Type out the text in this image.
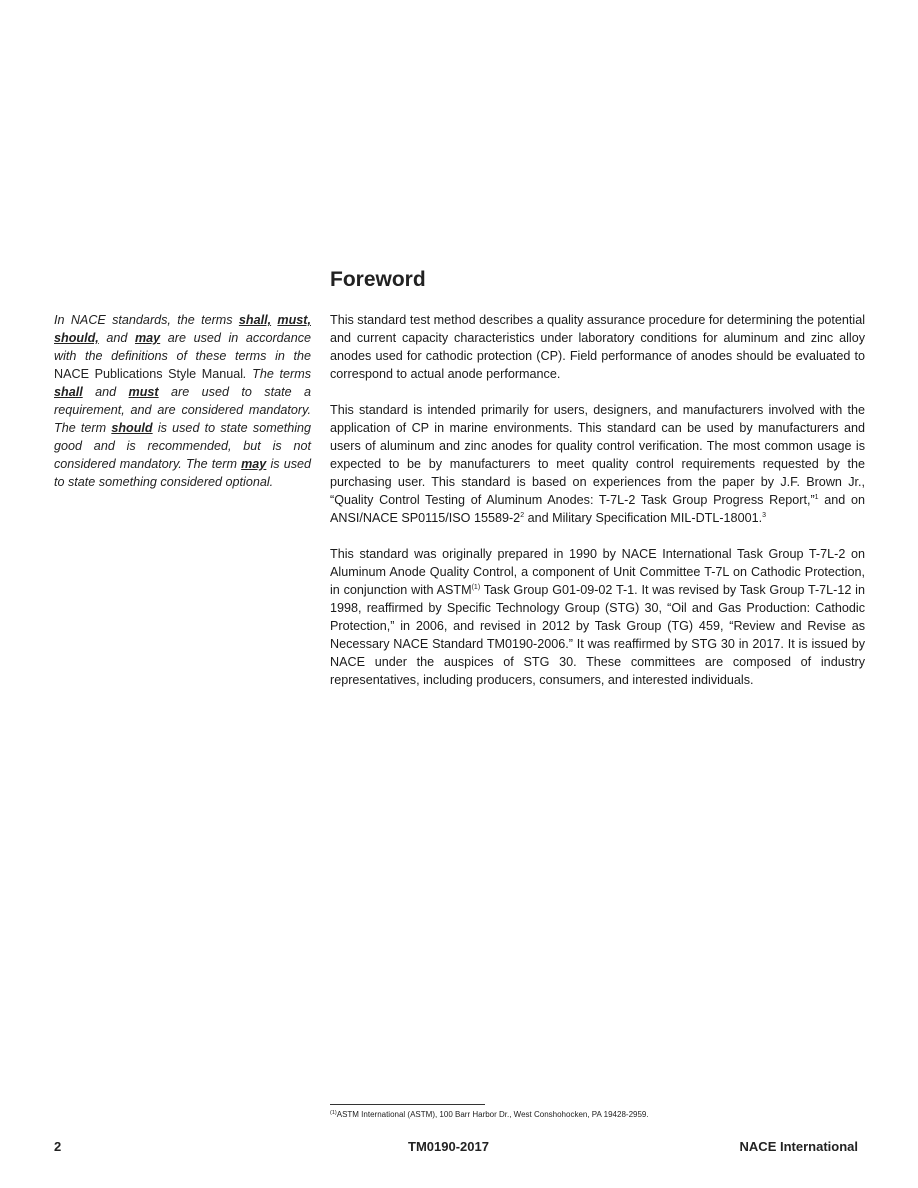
In NACE standards, the terms shall, must, should, and may are used in accordance with the definitions of these terms in the NACE Publications Style Manual. The terms shall and must are used to state a requirement, and are considered mandatory. The term should is used to state something good and is recommended, but is not considered mandatory. The term may is used to state something considered optional.
Foreword

This standard test method describes a quality assurance procedure for determining the potential and current capacity characteristics under laboratory conditions for aluminum and zinc alloy anodes used for cathodic protection (CP). Field performance of anodes should be evaluated to correspond to actual anode performance.

This standard is intended primarily for users, designers, and manufacturers involved with the application of CP in marine environments. This standard can be used by manufacturers and users of aluminum and zinc anodes for quality control verification. The most common usage is expected to be by manufacturers to meet quality control requirements requested by the purchasing user. This standard is based on experiences from the paper by J.F. Brown Jr., “Quality Control Testing of Aluminum Anodes: T-7L-2 Task Group Progress Report,”$^1$ and on ANSI/NACE SP0115/ISO $15589-2^2$ and Military Specification MIL-DTL-18001.$^3$

This standard was originally prepared in 1990 by NACE International Task Group T-7L-2 on Aluminum Anode Quality Control, a component of Unit Committee T-7L on Cathodic Protection, in conjunction with ASTM$^{(1)}$ Task Group G01-09-02 T-1. It was revised by Task Group T-7L-12 in 1998, reaffirmed by Specific Technology Group (STG) 30, “Oil and Gas Production: Cathodic Protection,” in 2006, and revised in 2012 by Task Group (TG) 459, “Review and Revise as Necessary NACE Standard TM0190-2006.” It was reaffirmed by STG 30 in 2017. It is issued by NACE under the auspices of STG 30. These committees are composed of industry representatives, including producers, consumers, and interested individuals.

$^{(1)}$ASTM International (ASTM), 100 Barr Harbor Dr., West Conshohocken, PA 19428-2959.
2	TM0190-2017	NACE International
